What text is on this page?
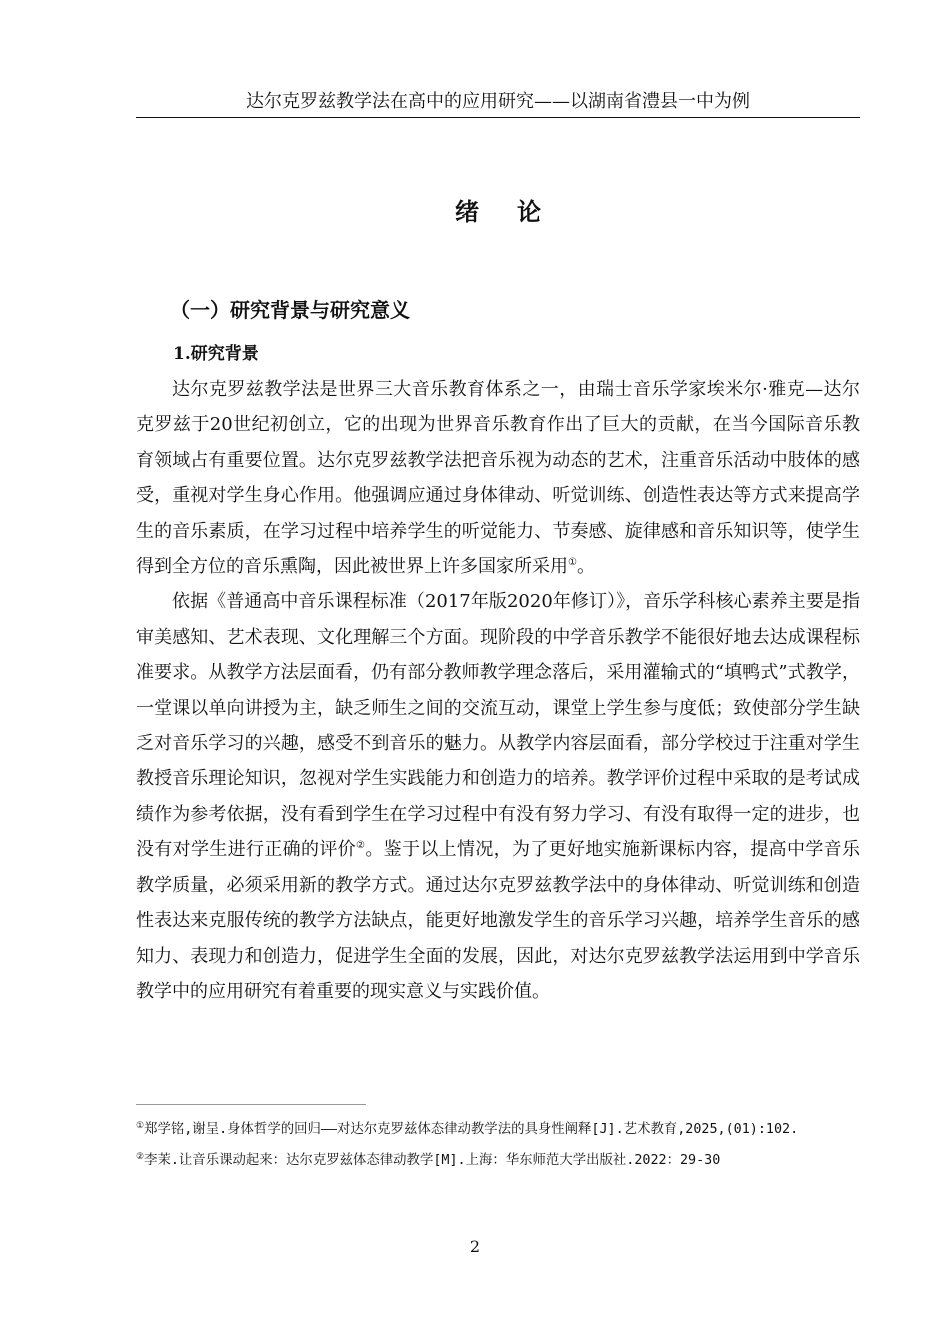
达尔克罗兹教学法在高中的应用研究——以湖南省澧县一中为例
绪论
（一）研究背景与研究意义
1.研究背景

达尔克罗兹教学法是世界三大音乐教育体系之一，由瑞士音乐学家埃米尔·雅克—达尔克罗兹于20世纪初创立，它的出现为世界音乐教育作出了巨大的贡献，在当今国际音乐教育领域占有重要位置。达尔克罗兹教学法把音乐视为动态的艺术，注重音乐活动中肢体的感受，重视对学生身心作用。他强调应通过身体律动、听觉训练、创造性表达等方式来提高学生的音乐素质，在学习过程中培养学生的听觉能力、节奏感、旋律感和音乐知识等，使学生得到全方位的音乐熏陶，因此被世界上许多国家所采用①。

依据《普通高中音乐课程标准（2017年版2020年修订）》，音乐学科核心素养主要是指审美感知、艺术表现、文化理解三个方面。现阶段的中学音乐教学不能很好地去达成课程标准要求。从教学方法层面看，仍有部分教师教学理念落后，采用灌输式的“填鸭式”式教学，一堂课以单向讲授为主，缺乏师生之间的交流互动，课堂上学生参与度低；致使部分学生缺乏对音乐学习的兴趣，感受不到音乐的魅力。从教学内容层面看，部分学校过于注重对学生教授音乐理论知识，忽视对学生实践能力和创造力的培养。教学评价过程中采取的是考试成绩作为参考依据，没有看到学生在学习过程中有没有努力学习、有没有取得一定的进步，也没有对学生进行正确的评价②。鉴于以上情况，为了更好地实施新课标内容，提高中学音乐教学质量，必须采用新的教学方式。通过达尔克罗兹教学法中的身体律动、听觉训练和创造性表达来克服传统的教学方法缺点，能更好地激发学生的音乐学习兴趣，培养学生音乐的感知力、表现力和创造力，促进学生全面的发展，因此，对达尔克罗兹教学法运用到中学音乐教学中的应用研究有着重要的现实意义与实践价值。

①郑学铭,谢呈.身体哲学的回归——对达尔克罗兹体态律动教学法的具身性阐释[J].艺术教育,2025,(01):102.

②李茉.让音乐课动起来：达尔克罗兹体态律动教学[M].上海：华东师范大学出版社.2022：29-30

2
